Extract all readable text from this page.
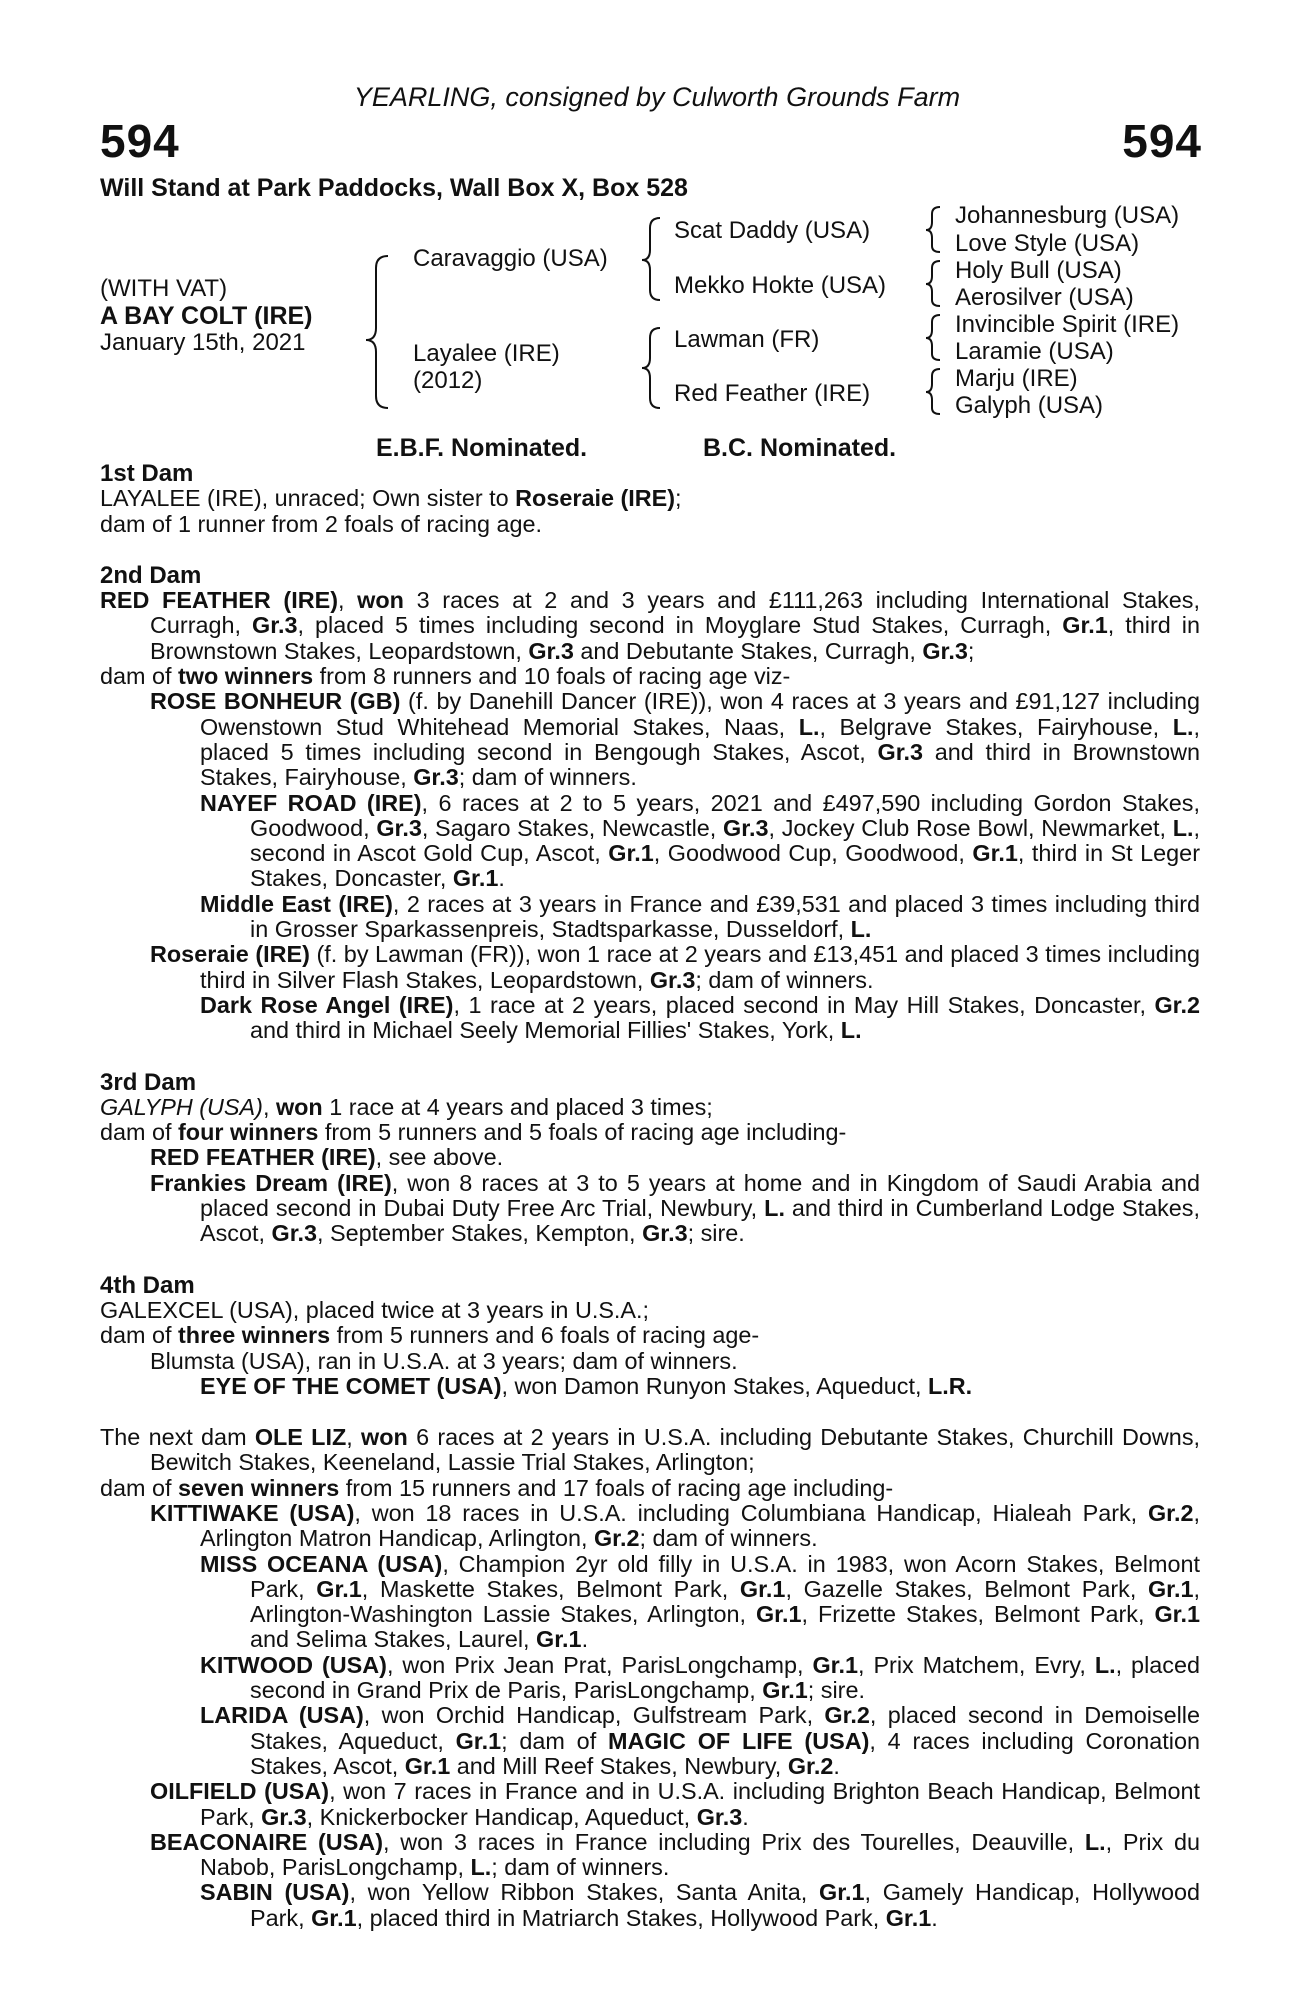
YEARLING, consigned by Culworth Grounds Farm
594	594
Will Stand at Park Paddocks, Wall Box X, Box 528
(WITH VAT)
A BAY COLT (IRE)
January 15th, 2021
Caravaggio (USA)
Layalee (IRE)
(2012)
Scat Daddy (USA)
Mekko Hokte (USA)
Lawman (FR)
Red Feather (IRE)
Johannesburg (USA)
Love Style (USA)
Holy Bull (USA)
Aerosilver (USA)
Invincible Spirit (IRE)
Laramie (USA)
Marju (IRE)
Galyph (USA)
E.B.F. Nominated.	B.C. Nominated.
1st Dam

LAYALEE (IRE), unraced; Own sister to Roseraie (IRE);

dam of 1 runner from 2 foals of racing age.

2nd Dam

RED FEATHER (IRE), won 3 races at 2 and 3 years and £111,263 including International Stakes, Curragh, Gr.3, placed 5 times including second in Moyglare Stud Stakes, Curragh, Gr.1, third in Brownstown Stakes, Leopardstown, Gr.3 and Debutante Stakes, Curragh, Gr.3;

dam of two winners from 8 runners and 10 foals of racing age viz-

ROSE BONHEUR (GB) (f. by Danehill Dancer (IRE)), won 4 races at 3 years and £91,127 including Owenstown Stud Whitehead Memorial Stakes, Naas, L., Belgrave Stakes, Fairyhouse, L., placed 5 times including second in Bengough Stakes, Ascot, Gr.3 and third in Brownstown Stakes, Fairyhouse, Gr.3; dam of winners.

NAYEF ROAD (IRE), 6 races at 2 to 5 years, 2021 and £497,590 including Gordon Stakes, Goodwood, Gr.3, Sagaro Stakes, Newcastle, Gr.3, Jockey Club Rose Bowl, Newmarket, L., second in Ascot Gold Cup, Ascot, Gr.1, Goodwood Cup, Goodwood, Gr.1, third in St Leger Stakes, Doncaster, Gr.1.

Middle East (IRE), 2 races at 3 years in France and £39,531 and placed 3 times including third in Grosser Sparkassenpreis, Stadtsparkasse, Dusseldorf, L.

Roseraie (IRE) (f. by Lawman (FR)), won 1 race at 2 years and £13,451 and placed 3 times including third in Silver Flash Stakes, Leopardstown, Gr.3; dam of winners.

Dark Rose Angel (IRE), 1 race at 2 years, placed second in May Hill Stakes, Doncaster, Gr.2 and third in Michael Seely Memorial Fillies' Stakes, York, L.

3rd Dam

GALYPH (USA), won 1 race at 4 years and placed 3 times;

dam of four winners from 5 runners and 5 foals of racing age including-

RED FEATHER (IRE), see above.

Frankies Dream (IRE), won 8 races at 3 to 5 years at home and in Kingdom of Saudi Arabia and placed second in Dubai Duty Free Arc Trial, Newbury, L. and third in Cumberland Lodge Stakes, Ascot, Gr.3, September Stakes, Kempton, Gr.3; sire.

4th Dam

GALEXCEL (USA), placed twice at 3 years in U.S.A.;

dam of three winners from 5 runners and 6 foals of racing age-

Blumsta (USA), ran in U.S.A. at 3 years; dam of winners.

EYE OF THE COMET (USA), won Damon Runyon Stakes, Aqueduct, L.R.

The next dam OLE LIZ, won 6 races at 2 years in U.S.A. including Debutante Stakes, Churchill Downs, Bewitch Stakes, Keeneland, Lassie Trial Stakes, Arlington;

dam of seven winners from 15 runners and 17 foals of racing age including-

KITTIWAKE (USA), won 18 races in U.S.A. including Columbiana Handicap, Hialeah Park, Gr.2, Arlington Matron Handicap, Arlington, Gr.2; dam of winners.

MISS OCEANA (USA), Champion 2yr old filly in U.S.A. in 1983, won Acorn Stakes, Belmont Park, Gr.1, Maskette Stakes, Belmont Park, Gr.1, Gazelle Stakes, Belmont Park, Gr.1, Arlington-Washington Lassie Stakes, Arlington, Gr.1, Frizette Stakes, Belmont Park, Gr.1 and Selima Stakes, Laurel, Gr.1.

KITWOOD (USA), won Prix Jean Prat, ParisLongchamp, Gr.1, Prix Matchem, Evry, L., placed second in Grand Prix de Paris, ParisLongchamp, Gr.1; sire.

LARIDA (USA), won Orchid Handicap, Gulfstream Park, Gr.2, placed second in Demoiselle Stakes, Aqueduct, Gr.1; dam of MAGIC OF LIFE (USA), 4 races including Coronation Stakes, Ascot, Gr.1 and Mill Reef Stakes, Newbury, Gr.2.

OILFIELD (USA), won 7 races in France and in U.S.A. including Brighton Beach Handicap, Belmont Park, Gr.3, Knickerbocker Handicap, Aqueduct, Gr.3.

BEACONAIRE (USA), won 3 races in France including Prix des Tourelles, Deauville, L., Prix du Nabob, ParisLongchamp, L.; dam of winners.

SABIN (USA), won Yellow Ribbon Stakes, Santa Anita, Gr.1, Gamely Handicap, Hollywood Park, Gr.1, placed third in Matriarch Stakes, Hollywood Park, Gr.1.
